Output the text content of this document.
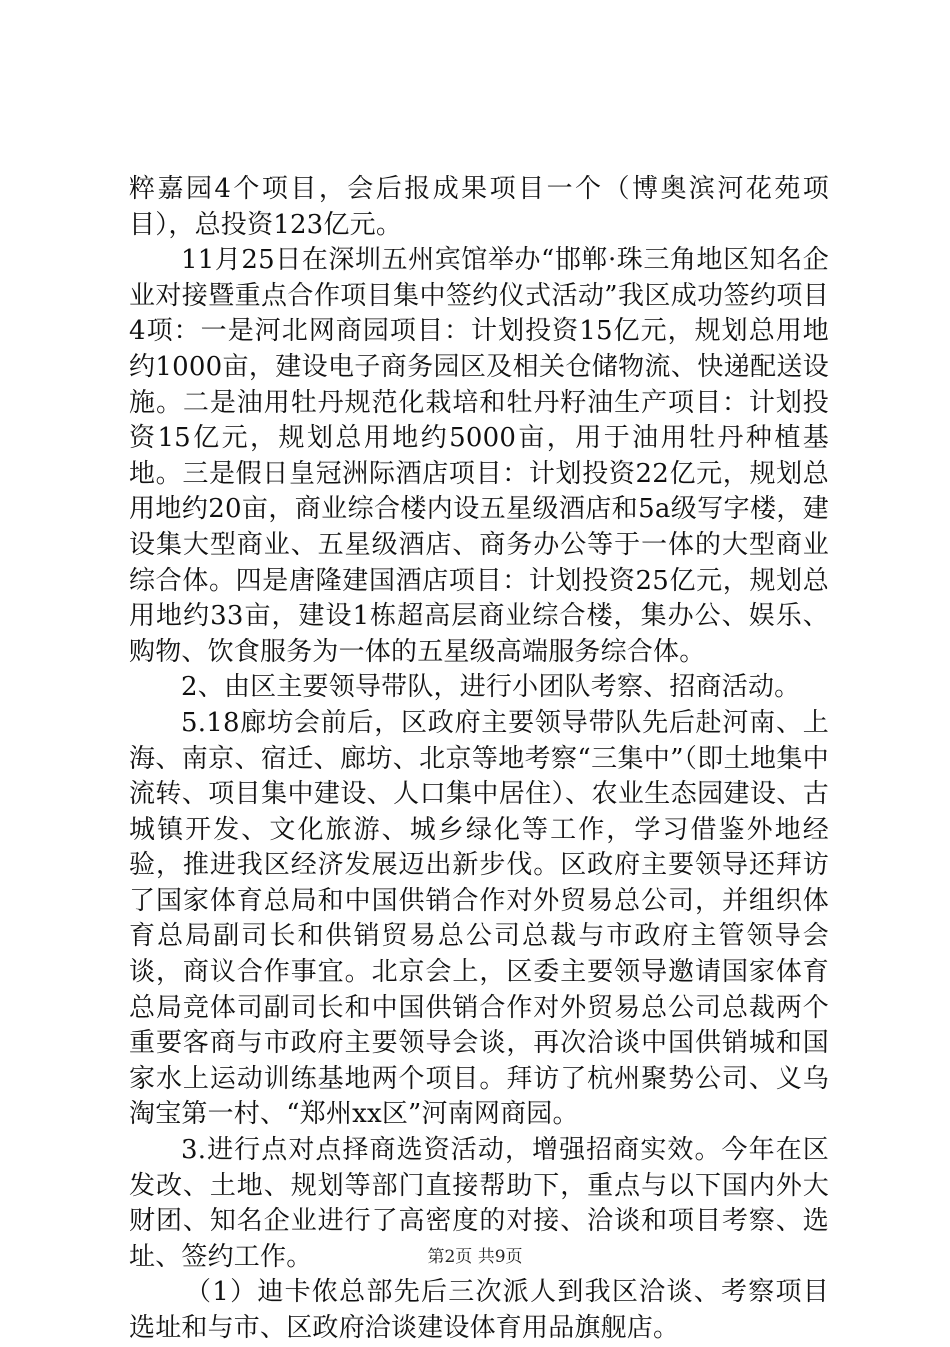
粹嘉园4个项目，会后报成果项目一个（博奥滨河花苑项目），总投资123亿元。

11月25日在深圳五州宾馆举办“邯郸·珠三角地区知名企业对接暨重点合作项目集中签约仪式活动”我区成功签约项目4项：一是河北网商园项目：计划投资15亿元，规划总用地约1000亩，建设电子商务园区及相关仓储物流、快递配送设施。二是油用牡丹规范化栽培和牡丹籽油生产项目：计划投资15亿元，规划总用地约5000亩，用于油用牡丹种植基地。三是假日皇冠洲际酒店项目：计划投资22亿元，规划总用地约20亩，商业综合楼内设五星级酒店和5a级写字楼，建设集大型商业、五星级酒店、商务办公等于一体的大型商业综合体。四是唐隆建国酒店项目：计划投资25亿元，规划总用地约33亩，建设1栋超高层商业综合楼，集办公、娱乐、购物、饮食服务为一体的五星级高端服务综合体。

2、由区主要领导带队，进行小团队考察、招商活动。

5.18廊坊会前后，区政府主要领导带队先后赴河南、上海、南京、宿迁、廊坊、北京等地考察“三集中”（即土地集中流转、项目集中建设、人口集中居住）、农业生态园建设、古城镇开发、文化旅游、城乡绿化等工作，学习借鉴外地经验，推进我区经济发展迈出新步伐。区政府主要领导还拜访了国家体育总局和中国供销合作对外贸易总公司，并组织体育总局副司长和供销贸易总公司总裁与市政府主管领导会谈，商议合作事宜。北京会上，区委主要领导邀请国家体育总局竞体司副司长和中国供销合作对外贸易总公司总裁两个重要客商与市政府主要领导会谈，再次洽谈中国供销城和国家水上运动训练基地两个项目。拜访了杭州聚势公司、义乌淘宝第一村、“郑州xx区”河南网商园。

3.进行点对点择商选资活动，增强招商实效。今年在区发改、土地、规划等部门直接帮助下，重点与以下国内外大财团、知名企业进行了高密度的对接、洽谈和项目考察、选址、签约工作。

（1）迪卡侬总部先后三次派人到我区洽谈、考察项目选址和与市、区政府洽谈建设体育用品旗舰店。

第2页 共9页
